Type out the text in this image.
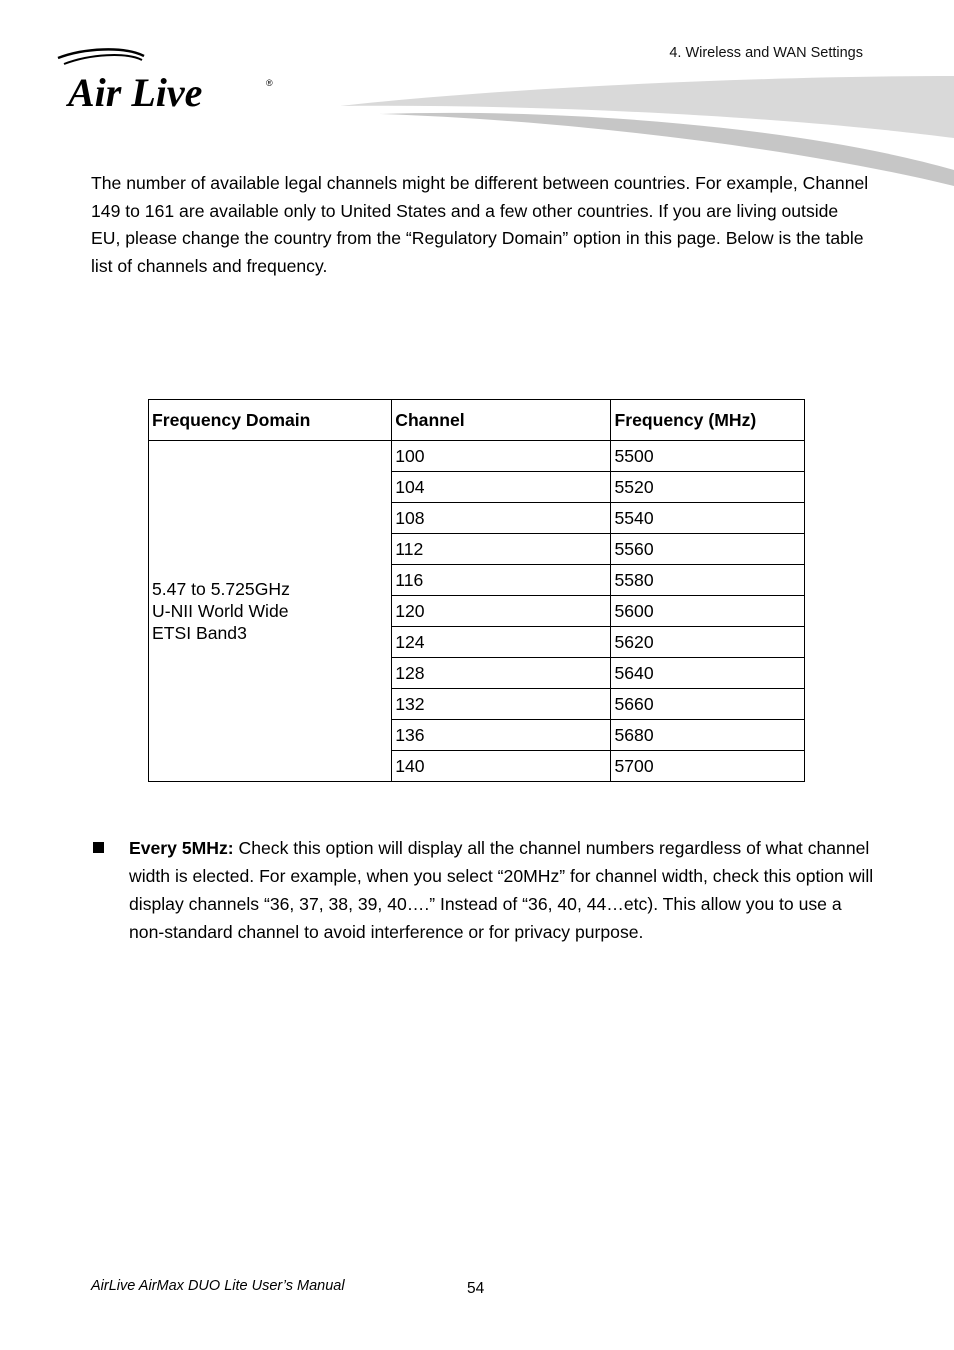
Air Live	®
4. Wireless and WAN Settings
The number of available legal channels might be different between countries. For example, Channel 149 to 161 are available only to United States and a few other countries. If you are living outside EU, please change the country from the “Regulatory Domain” option in this page. Below is the table list of channels and frequency.
Frequency Domain	Channel	Frequency (MHz)

5.47 to 5.725GHz
U-NII World Wide
ETSI Band3	100	5500
	104	5520
	108	5540
	112	5560
	116	5580
	120	5600
	124	5620
	128	5640
	132	5660
	136	5680
	140	5700
Every 5MHz: Check this option will display all the channel numbers regardless of what channel width is elected. For example, when you select “20MHz” for channel width, check this option will display channels “36, 37, 38, 39, 40….” Instead of “36, 40, 44…etc). This allow you to use a non-standard channel to avoid interference or for privacy purpose.
AirLive AirMax DUO Lite User’s Manual	54
